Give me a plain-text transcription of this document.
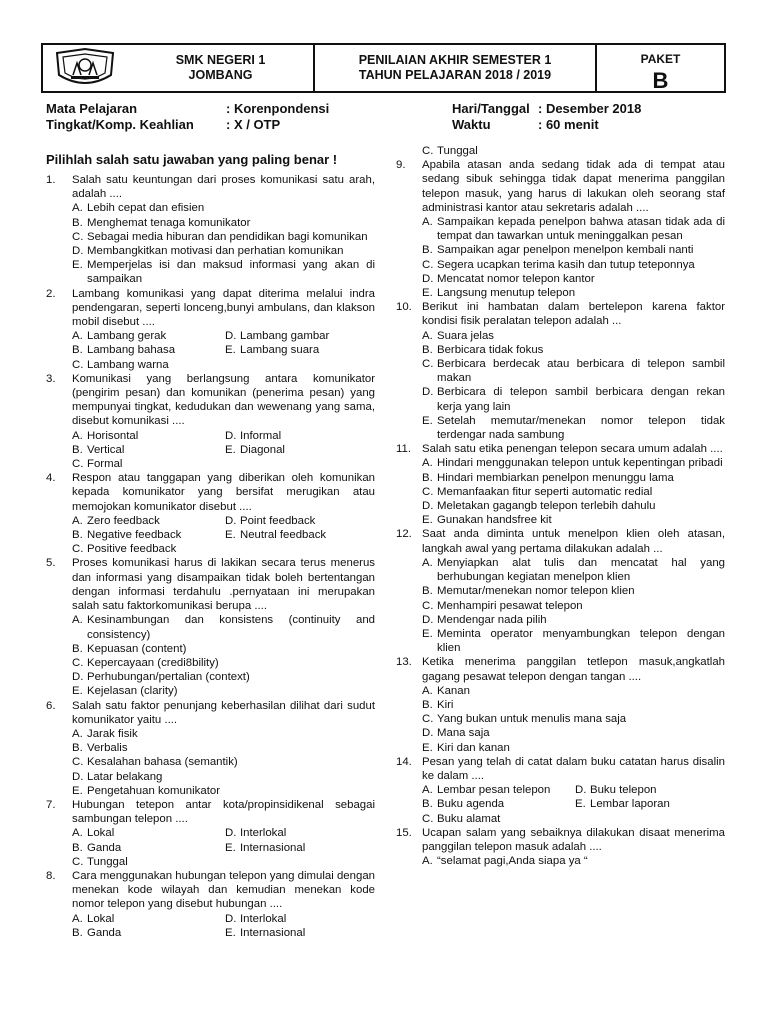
SMK NEGERI 1
JOMBANG
PENILAIAN AKHIR SEMESTER 1
TAHUN PELAJARAN 2018 / 2019
PAKET
B
Mata Pelajaran	: Korenpondensi
Tingkat/Komp. Keahlian : X / OTP
Hari/Tanggal : Desember 2018
Waktu	: 60 menit
Pilihlah salah satu jawaban yang paling benar !
1. Salah satu keuntungan dari proses komunikasi satu arah, adalah ....
A. Lebih cepat dan efisien
B. Menghemat tenaga komunikator
C. Sebagai media hiburan dan pendidikan bagi komunikan
D. Membangkitkan motivasi dan perhatian komunikan
E. Memperjelas isi dan maksud informasi yang akan di sampaikan
2. Lambang komunikasi yang dapat diterima melalui indra pendengaran, seperti lonceng,bunyi ambulans, dan klakson mobil disebut ....
A. Lambang gerak	D. Lambang gambar
B. Lambang bahasa	E. Lambang suara
C. Lambang warna
3. Komunikasi yang berlangsung antara komunikator (pengirim pesan) dan komunikan (penerima pesan) yang mempunyai tingkat, kedudukan dan wewenang yang sama, disebut komunikasi ....
A. Horisontal	D. Informal
B. Vertical	E. Diagonal
C. Formal
4. Respon atau tanggapan yang diberikan oleh komunikan kepada komunikator yang bersifat merugikan atau memojokan komunikator disebut ....
A. Zero feedback	D. Point feedback
B. Negative feedback	E. Neutral feedback
C. Positive feedback
5. Proses komunikasi harus di lakikan secara terus menerus dan informasi yang disampaikan tidak boleh bertentangan dengan informasi terdahulu .pernyataan ini merupakan salah satu faktorkomunikasi berupa ....
A. Kesinambungan dan konsistens (continuity and consistency)
B. Kepuasan (content)
C. Kepercayaan (credi8bility)
D. Perhubungan/pertalian (context)
E. Kejelasan (clarity)
6. Salah satu faktor penunjang keberhasilan dilihat dari sudut komunikator yaitu ....
A. Jarak fisik
B. Verbalis
C. Kesalahan bahasa (semantik)
D. Latar belakang
E. Pengetahuan komunikator
7. Hubungan tetepon antar kota/propinsidikenal sebagai sambungan telepon ....
A. Lokal	D. Interlokal
B. Ganda	E. Internasional
C. Tunggal
8. Cara menggunakan hubungan telepon yang dimulai dengan menekan kode wilayah dan kemudian menekan kode nomor telepon yang disebut hubungan ....
A. Lokal	D. Interlokal
B. Ganda	E. Internasional
C. Tunggal
9. Apabila atasan anda sedang tidak ada di tempat atau sedang sibuk sehingga tidak dapat menerima panggilan telepon masuk, yang harus di lakukan oleh seorang staf administrasi kantor atau sekretaris adalah ....
A. Sampaikan kepada penelpon bahwa atasan tidak ada di tempat dan tawarkan untuk meninggalkan pesan
B. Sampaikan agar penelpon menelpon kembali nanti
C. Segera ucapkan terima kasih dan tutup teteponnya
D. Mencatat nomor telepon kantor
E. Langsung menutup telepon
10. Berikut ini hambatan dalam bertelepon karena faktor kondisi fisik peralatan telepon adalah ...
A. Suara jelas
B. Berbicara tidak fokus
C. Berbicara berdecak atau berbicara di telepon sambil makan
D. Berbicara di telepon sambil berbicara dengan rekan kerja yang lain
E. Setelah memutar/menekan nomor telepon tidak terdengar nada sambung
11. Salah satu etika penengan telepon secara umum adalah ....
A. Hindari menggunakan telepon untuk kepentingan pribadi
B. Hindari membiarkan penelpon menunggu lama
C. Memanfaakan fitur seperti automatic redial
D. Meletakan gagangb telepon terlebih dahulu
E. Gunakan handsfree kit
12. Saat anda diminta untuk menelpon klien oleh atasan, langkah awal yang pertama dilakukan adalah ...
A. Menyiapkan alat tulis dan mencatat hal yang berhubungan kegiatan menelpon klien
B. Memutar/menekan nomor telepon klien
C. Menhampiri pesawat telepon
D. Mendengar nada pilih
E. Meminta operator menyambungkan telepon dengan klien
13. Ketika menerima panggilan tetlepon masuk,angkatlah gagang pesawat telepon dengan tangan ....
A. Kanan
B. Kiri
C. Yang bukan untuk menulis mana saja
D. Mana saja
E. Kiri dan kanan
14. Pesan yang telah di catat dalam buku catatan harus disalin ke dalam ....
A. Lembar pesan telepon	D. Buku telepon
B. Buku agenda	E. Lembar laporan
C. Buku alamat
15. Ucapan salam yang sebaiknya dilakukan disaat menerima panggilan telepon masuk adalah ....
A. “selamat pagi,Anda siapa ya “
